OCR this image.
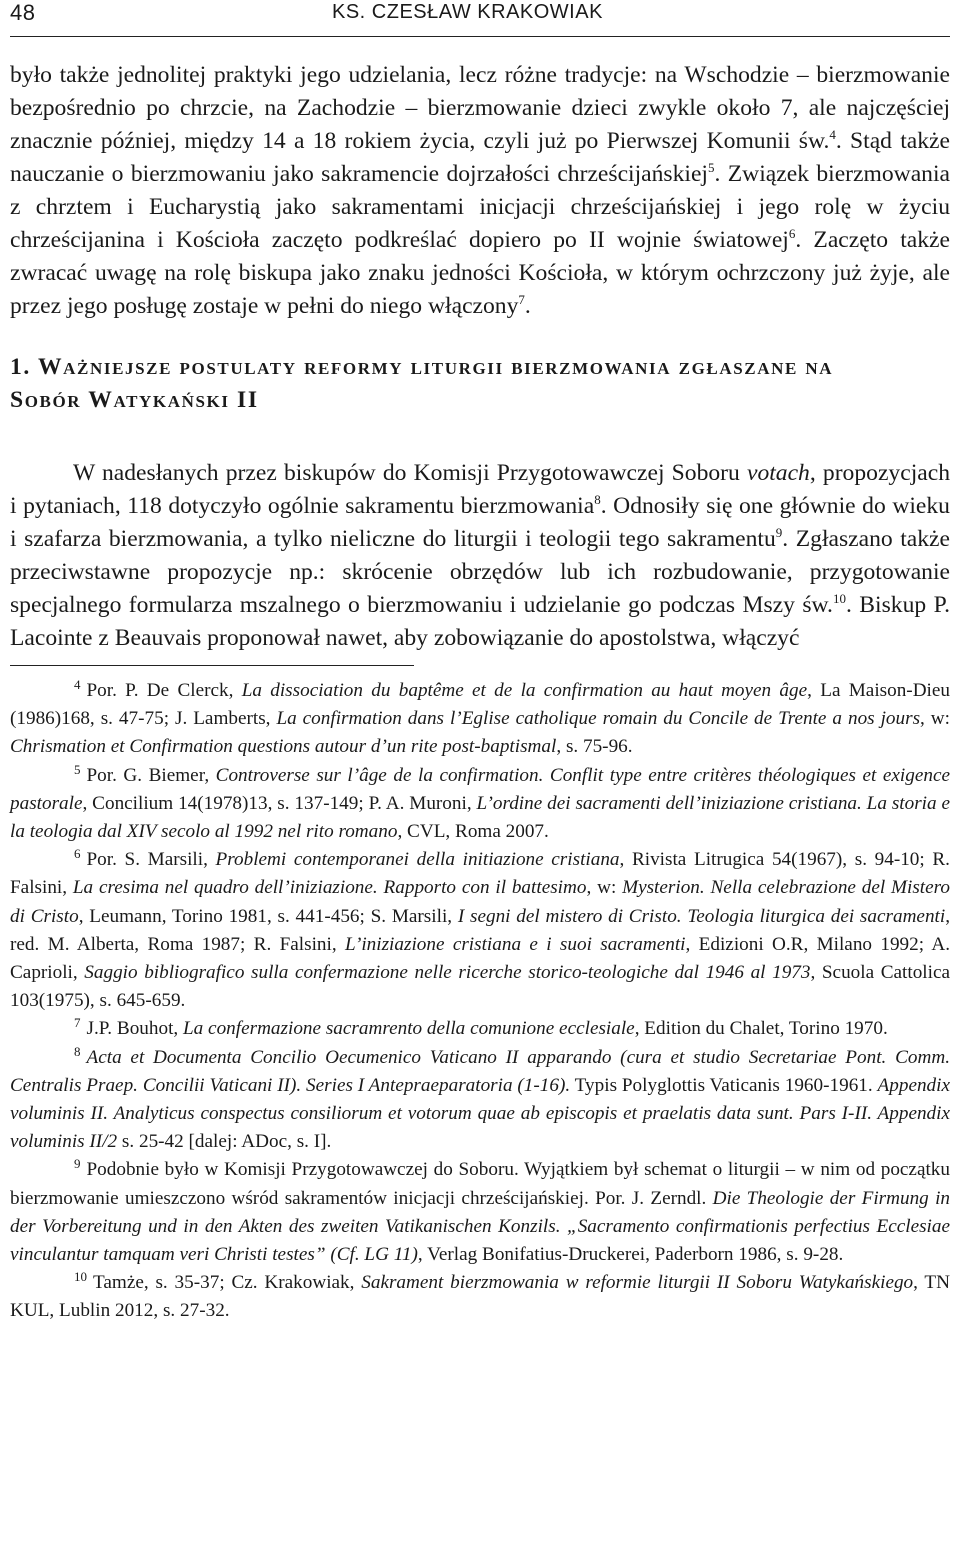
48	KS. CZESŁAW KRAKOWIAK

było także jednolitej praktyki jego udzielania, lecz różne tradycje: na Wschodzie – bierzmowanie bezpośrednio po chrzcie, na Zachodzie – bierzmowanie dzieci zwykle około 7, ale najczęściej znacznie później, między 14 a 18 rokiem życia, czyli już po Pierwszej Komunii św.$^4$. Stąd także nauczanie o bierzmowaniu jako sakramencie dojrzałości chrześcijańskiej$^5$. Związek bierzmowania z chrztem i Eucharystią jako sakramentami inicjacji chrześcijańskiej i jego rolę w życiu chrześcijanina i Kościoła zaczęto podkreślać dopiero po II wojnie światowej$^6$. Zaczęto także zwracać uwagę na rolę biskupa jako znaku jedności Kościoła, w którym ochrzczony już żyje, ale przez jego posługę zostaje w pełni do niego włączony$^7$.

1. Ważniejsze postulaty reformy liturgii bierzmowania zgłaszane na
Sobór Watykański II

W nadesłanych przez biskupów do Komisji Przygotowawczej Soboru votach, propozycjach i pytaniach, 118 dotyczyło ogólnie sakramentu bierzmowania$^8$. Odnosiły się one głównie do wieku i szafarza bierzmowania, a tylko nieliczne do liturgii i teologii tego sakramentu$^9$. Zgłaszano także przeciwstawne propozycje np.: skrócenie obrzędów lub ich rozbudowanie, przygotowanie specjalnego formularza mszalnego o bierzmowaniu i udzielanie go podczas Mszy św.$^{10}$. Biskup P. Lacointe z Beauvais proponował nawet, aby zobowiązanie do apostolstwa, włączyć

$^4$ Por. P. De Clerck, La dissociation du baptême et de la confirmation au haut moyen âge, La Maison-Dieu (1986)168, s. 47-75; J. Lamberts, La confirmation dans l’Eglise catholique romain du Concile de Trente a nos jours, w: Chrismation et Confirmation questions autour d’un rite post-baptismal, s. 75-96.

$^5$ Por. G. Biemer, Controverse sur l’âge de la confirmation. Conflit type entre critères théologiques et exigence pastorale, Concilium 14(1978)13, s. 137-149; P. A. Muroni, L’ordine dei sacramenti dell’iniziazione cristiana. La storia e la teologia dal XIV secolo al 1992 nel rito romano, CVL, Roma 2007.

$^6$ Por. S. Marsili, Problemi contemporanei della initiazione cristiana, Rivista Litrugica 54(1967), s. 94-10; R. Falsini, La cresima nel quadro dell’iniziazione. Rapporto con il battesimo, w: Mysterion. Nella celebrazione del Mistero di Cristo, Leumann, Torino 1981, s. 441-456; S. Marsili, I segni del mistero di Cristo. Teologia liturgica dei sacramenti, red. M. Alberta, Roma 1987; R. Falsini, L’iniziazione cristiana e i suoi sacramenti, Edizioni O.R, Milano 1992; A. Caprioli, Saggio bibliografico sulla confermazione nelle ricerche storico-teologiche dal 1946 al 1973, Scuola Cattolica 103(1975), s. 645-659.

$^7$ J.P. Bouhot, La confermazione sacramrento della comunione ecclesiale, Edition du Chalet, Torino 1970.

$^8$ Acta et Documenta Concilio Oecumenico Vaticano II apparando (cura et studio Secretariae Pont. Comm. Centralis Praep. Concilii Vaticani II). Series I Antepraeparatoria (1-16). Typis Polyglottis Vaticanis 1960-1961. Appendix voluminis II. Analyticus conspectus consiliorum et votorum quae ab episcopis et praelatis data sunt. Pars I-II. Appendix voluminis II/2 s. 25-42 [dalej: ADoc, s. I].

$^9$ Podobnie było w Komisji Przygotowawczej do Soboru. Wyjątkiem był schemat o liturgii – w nim od początku bierzmowanie umieszczono wśród sakramentów inicjacji chrześcijańskiej. Por. J. Zerndl. Die Theologie der Firmung in der Vorbereitung und in den Akten des zweiten Vatikanischen Konzils. „Sacramento confirmationis perfectius Ecclesiae vinculantur tamquam veri Christi testes” (Cf. LG 11), Verlag Bonifatius-Druckerei, Paderborn 1986, s. 9-28.

$^{10}$ Tamże, s. 35-37; Cz. Krakowiak, Sakrament bierzmowania w reformie liturgii II Soboru Watykańskiego, TN KUL, Lublin 2012, s. 27-32.
